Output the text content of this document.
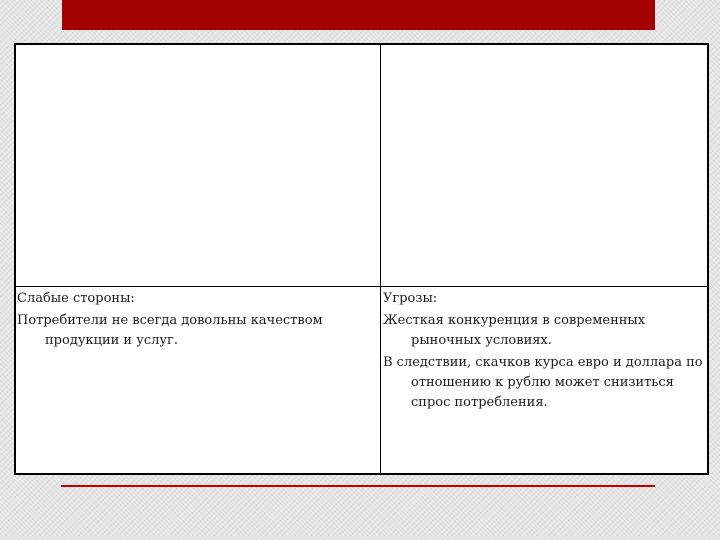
Слабые стороны:
Потребители не всегда довольны качеством продукции и услуг.
Угрозы:
Жесткая конкуренция в современных рыночных условиях.
В следствии, скачков курса евро и доллара по отношению к рублю может снизиться спрос потребления.
